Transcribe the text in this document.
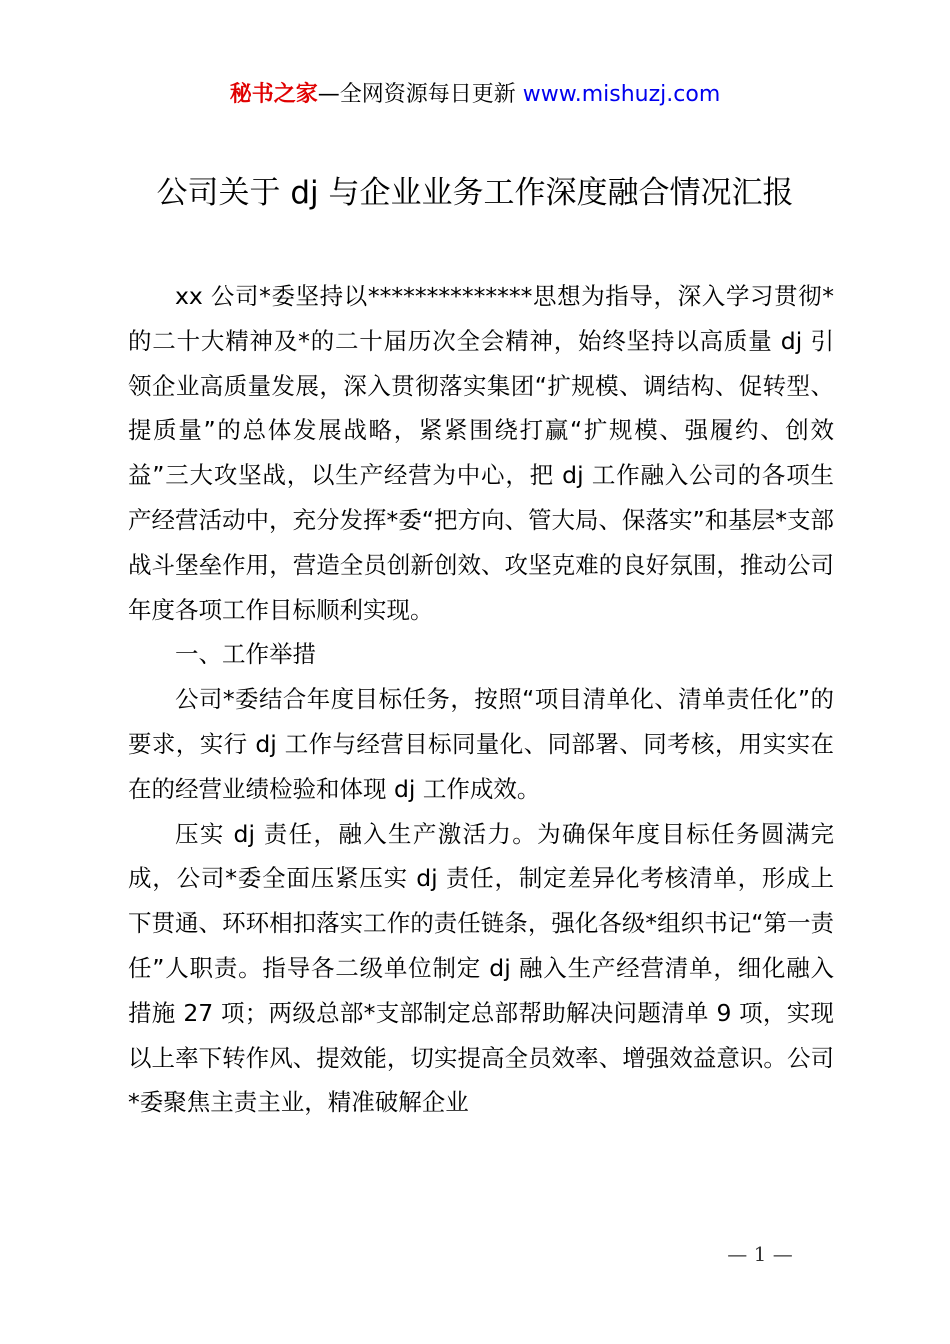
秘书之家—全网资源每日更新 www.mishuzj.com
公司关于 dj 与企业业务工作深度融合情况汇报

xx 公司*委坚持以**************思想为指导，深入学习贯彻*的二十大精神及*的二十届历次全会精神，始终坚持以高质量 dj 引领企业高质量发展，深入贯彻落实集团“扩规模、调结构、促转型、提质量”的总体发展战略，紧紧围绕打赢“扩规模、强履约、创效益”三大攻坚战，以生产经营为中心，把 dj 工作融入公司的各项生产经营活动中，充分发挥*委“把方向、管大局、保落实”和基层*支部战斗堡垒作用，营造全员创新创效、攻坚克难的良好氛围，推动公司年度各项工作目标顺利实现。

一、工作举措

公司*委结合年度目标任务，按照“项目清单化、清单责任化”的要求，实行 dj 工作与经营目标同量化、同部署、同考核，用实实在在的经营业绩检验和体现 dj 工作成效。

压实 dj 责任，融入生产激活力。为确保年度目标任务圆满完成，公司*委全面压紧压实 dj 责任，制定差异化考核清单，形成上下贯通、环环相扣落实工作的责任链条，强化各级*组织书记“第一责任”人职责。指导各二级单位制定 dj 融入生产经营清单，细化融入措施 27 项；两级总部*支部制定总部帮助解决问题清单 9 项，实现以上率下转作风、提效能，切实提高全员效率、增强效益意识。公司*委聚焦主责主业，精准破解企业

— 1 —
